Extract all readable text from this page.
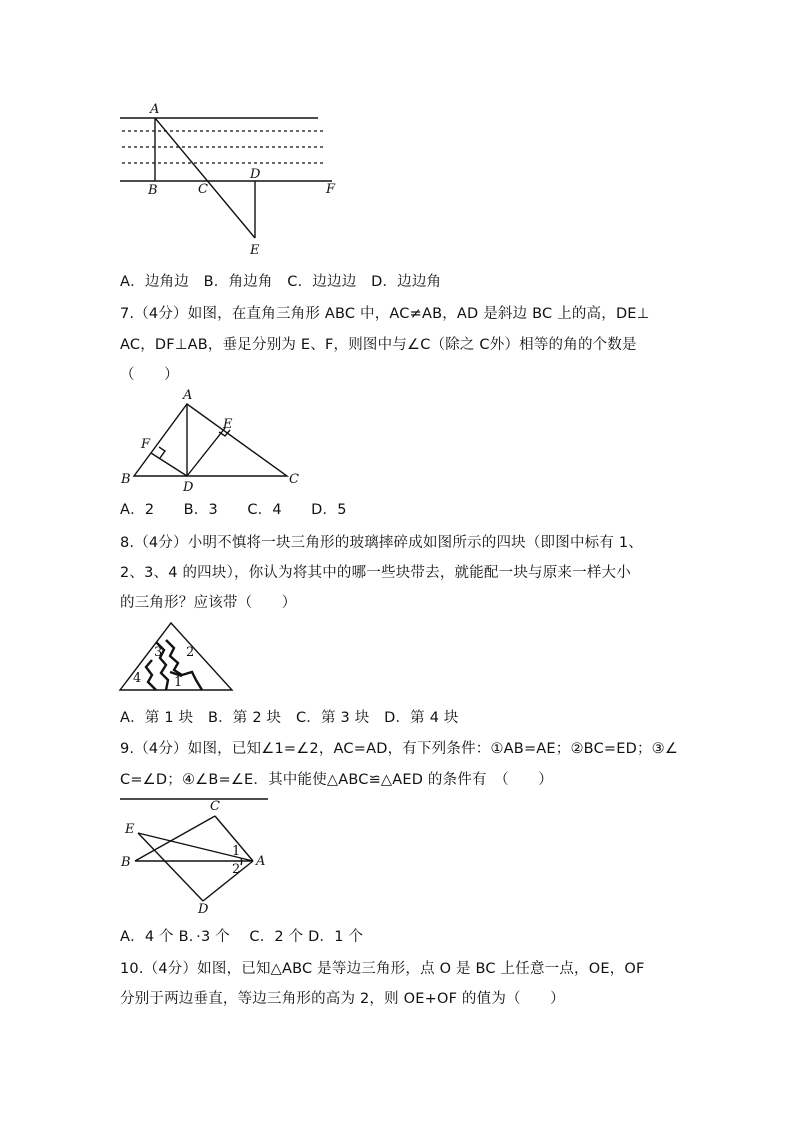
A
B	C
D
F
E
A．边角边　B．角边角　C．边边边　D．边边角
7.（4分）如图，在直角三角形 ABC 中，AC≠AB，AD 是斜边 BC 上的高，DE⊥
AC，DF⊥AB，垂足分别为 E、F，则图中与∠C（除之 C外）相等的角的个数是
（　　）
A
B	C
D
E
F
A．2　　B．3　　C．4　　D．5
8.（4分）小明不慎将一块三角形的玻璃摔碎成如图所示的四块（即图中标有 1、
2、3、4 的四块），你认为将其中的哪一些块带去，就能配一块与原来一样大小
的三角形？应该带（　　）
4
3 2
1
A．第 1 块　B．第 2 块　C．第 3 块　D．第 4 块
9.（4分）如图，已知∠1=∠2，AC=AD，有下列条件：①AB=AE；②BC=ED；③∠
C=∠D；④∠B=∠E．其中能使△ABC≌△AED 的条件有　（　　）
C
E
B	A
D
1
2
A．4 个 B．·3 个　 C．2 个 D．1 个
10.（4分）如图，已知△ABC 是等边三角形，点 O 是 BC 上任意一点，OE，OF
分别于两边垂直，等边三角形的高为 2，则 OE+OF 的值为（　　）
